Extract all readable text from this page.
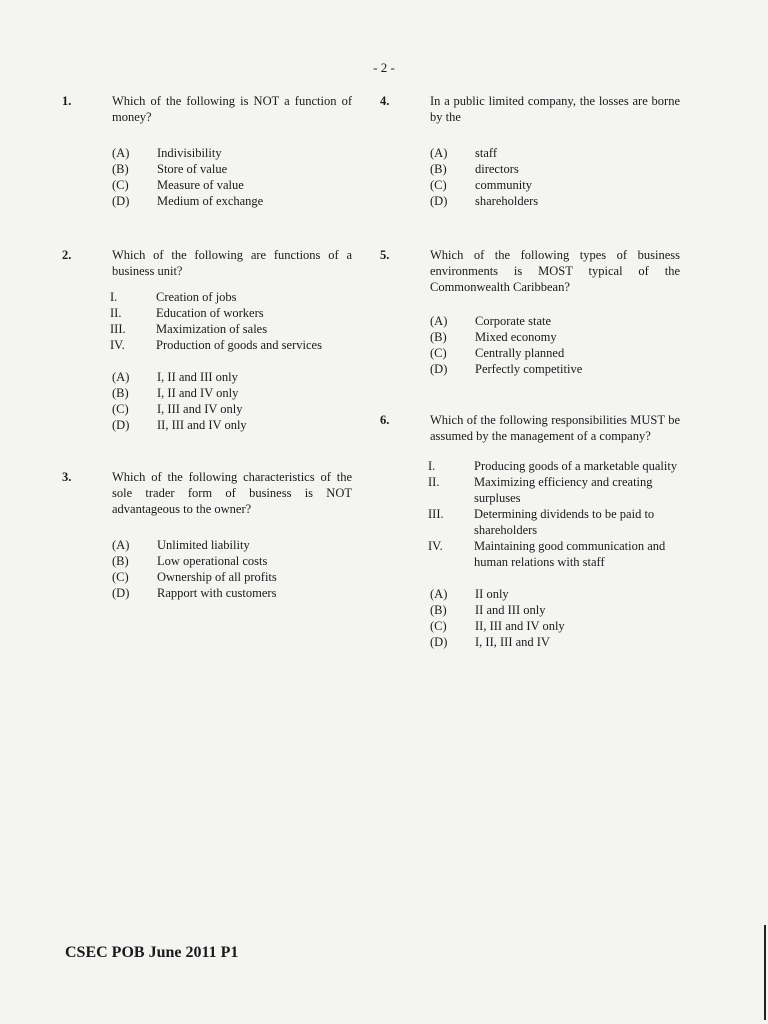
- 2 -
1.	Which of the following is NOT a function of money?
(A)	Indivisibility
(B)	Store of value
(C)	Measure of value
(D)	Medium of exchange
2.	Which of the following are functions of a business unit?
I.	Creation of jobs
II.	Education of workers
III.	Maximization of sales
IV.	Production of goods and services
(A)	I, II and III only
(B)	I, II and IV only
(C)	I, III and IV only
(D)	II, III and IV only
3.	Which of the following characteristics of the sole trader form of business is NOT advantageous to the owner?
(A)	Unlimited liability
(B)	Low operational costs
(C)	Ownership of all profits
(D)	Rapport with customers
4.	In a public limited company, the losses are borne by the
(A)	staff
(B)	directors
(C)	community
(D)	shareholders
5.	Which of the following types of business environments is MOST typical of the Commonwealth Caribbean?
(A)	Corporate state
(B)	Mixed economy
(C)	Centrally planned
(D)	Perfectly competitive
6.	Which of the following responsibilities MUST be assumed by the management of a company?
I.	Producing goods of a marketable quality
II.	Maximizing efficiency and creating surpluses
III.	Determining dividends to be paid to shareholders
IV.	Maintaining good communication and human relations with staff
(A)	II only
(B)	II and III only
(C)	II, III and IV only
(D)	I, II, III and IV
CSEC POB June 2011 P1
